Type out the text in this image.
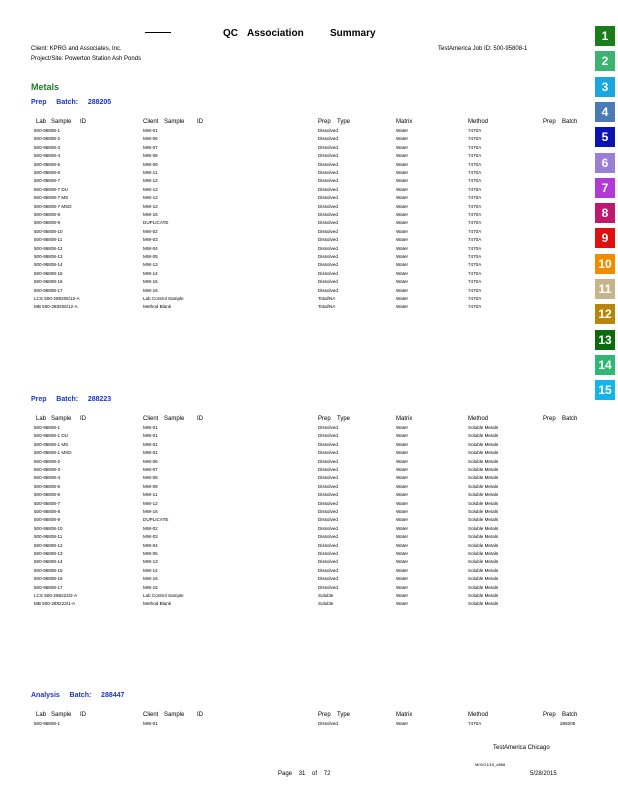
QC Association	Summary
Client: KPRG and Associates, Inc.
Project/Site: Powerton Station Ash Ponds
TestAmerica Job ID: 500-95808-1
Metals
Prep Batch: 288205
Lab Sample ID	Client Sample ID	Prep Type	Matrix	Method	Prep Batch
500-95808-1	MW-01	Dissolved	Water	7470A
500-95808-2	MW-06	Dissolved	Water	7470A
500-95808-3	MW-07	Dissolved	Water	7470A
500-95808-4	MW-08	Dissolved	Water	7470A
500-95808-5	MW-09	Dissolved	Water	7470A
500-95808-6	MW-11	Dissolved	Water	7470A
500-95808-7	MW-12	Dissolved	Water	7470A
500-95808-7 DU	MW-12	Dissolved	Water	7470A
500-95808-7 MS	MW-12	Dissolved	Water	7470A
500-95808-7 MSD	MW-12	Dissolved	Water	7470A
500-95808-8	MW-16	Dissolved	Water	7470A
500-95808-9	DUPLICATE	Dissolved	Water	7470A
500-95808-10	MW-02	Dissolved	Water	7470A
500-95808-11	MW-03	Dissolved	Water	7470A
500-95808-12	MW-04	Dissolved	Water	7470A
500-95808-13	MW-05	Dissolved	Water	7470A
500-95808-14	MW-13	Dissolved	Water	7470A
500-95808-15	MW-14	Dissolved	Water	7470A
500-95808-16	MW-15	Dissolved	Water	7470A
500-95808-17	MW-15	Dissolved	Water	7470A
LCS 500-288205/12-A	Lab Control Sample	Total/NA	Water	7470A
MB 500-288205/12-A	Method Blank	Total/NA	Water	7470A
Prep Batch: 288223
Lab Sample ID	Client Sample ID	Prep Type	Matrix	Method	Prep Batch
500-95808-1	MW-01	Dissolved	Water	Soluble Metals
500-95808-1 DU	MW-01	Dissolved	Water	Soluble Metals
500-95808-1 MS	MW-01	Dissolved	Water	Soluble Metals
500-95808-1 MSD	MW-01	Dissolved	Water	Soluble Metals
500-95808-2	MW-06	Dissolved	Water	Soluble Metals
500-95808-3	MW-07	Dissolved	Water	Soluble Metals
500-95808-4	MW-08	Dissolved	Water	Soluble Metals
500-95808-5	MW-09	Dissolved	Water	Soluble Metals
500-95808-6	MW-11	Dissolved	Water	Soluble Metals
500-95808-7	MW-12	Dissolved	Water	Soluble Metals
500-95808-8	MW-16	Dissolved	Water	Soluble Metals
500-95808-9	DUPLICATE	Dissolved	Water	Soluble Metals
500-95808-10	MW-02	Dissolved	Water	Soluble Metals
500-95808-11	MW-03	Dissolved	Water	Soluble Metals
500-95808-12	MW-04	Dissolved	Water	Soluble Metals
500-95808-13	MW-05	Dissolved	Water	Soluble Metals
500-95808-14	MW-13	Dissolved	Water	Soluble Metals
500-95808-15	MW-14	Dissolved	Water	Soluble Metals
500-95808-16	MW-15	Dissolved	Water	Soluble Metals
500-95808-17	MW-15	Dissolved	Water	Soluble Metals
LCS 500-288223/2-A	Lab Control Sample	Soluble	Water	Soluble Metals
MB 500-288223/1-A	Method Blank	Soluble	Water	Soluble Metals
Analysis Batch: 288447
Lab Sample ID	Client Sample ID	Prep Type	Matrix	Method	Prep Batch
500-95808-1	MW-01	Dissolved	Water	7470A	288205
TestAmerica Chicago
MIX/G1/15_#868
Page 31 of 72	5/28/2015
1
2
3
4
5
6
7
8
9
10
11
12
13
14
15
